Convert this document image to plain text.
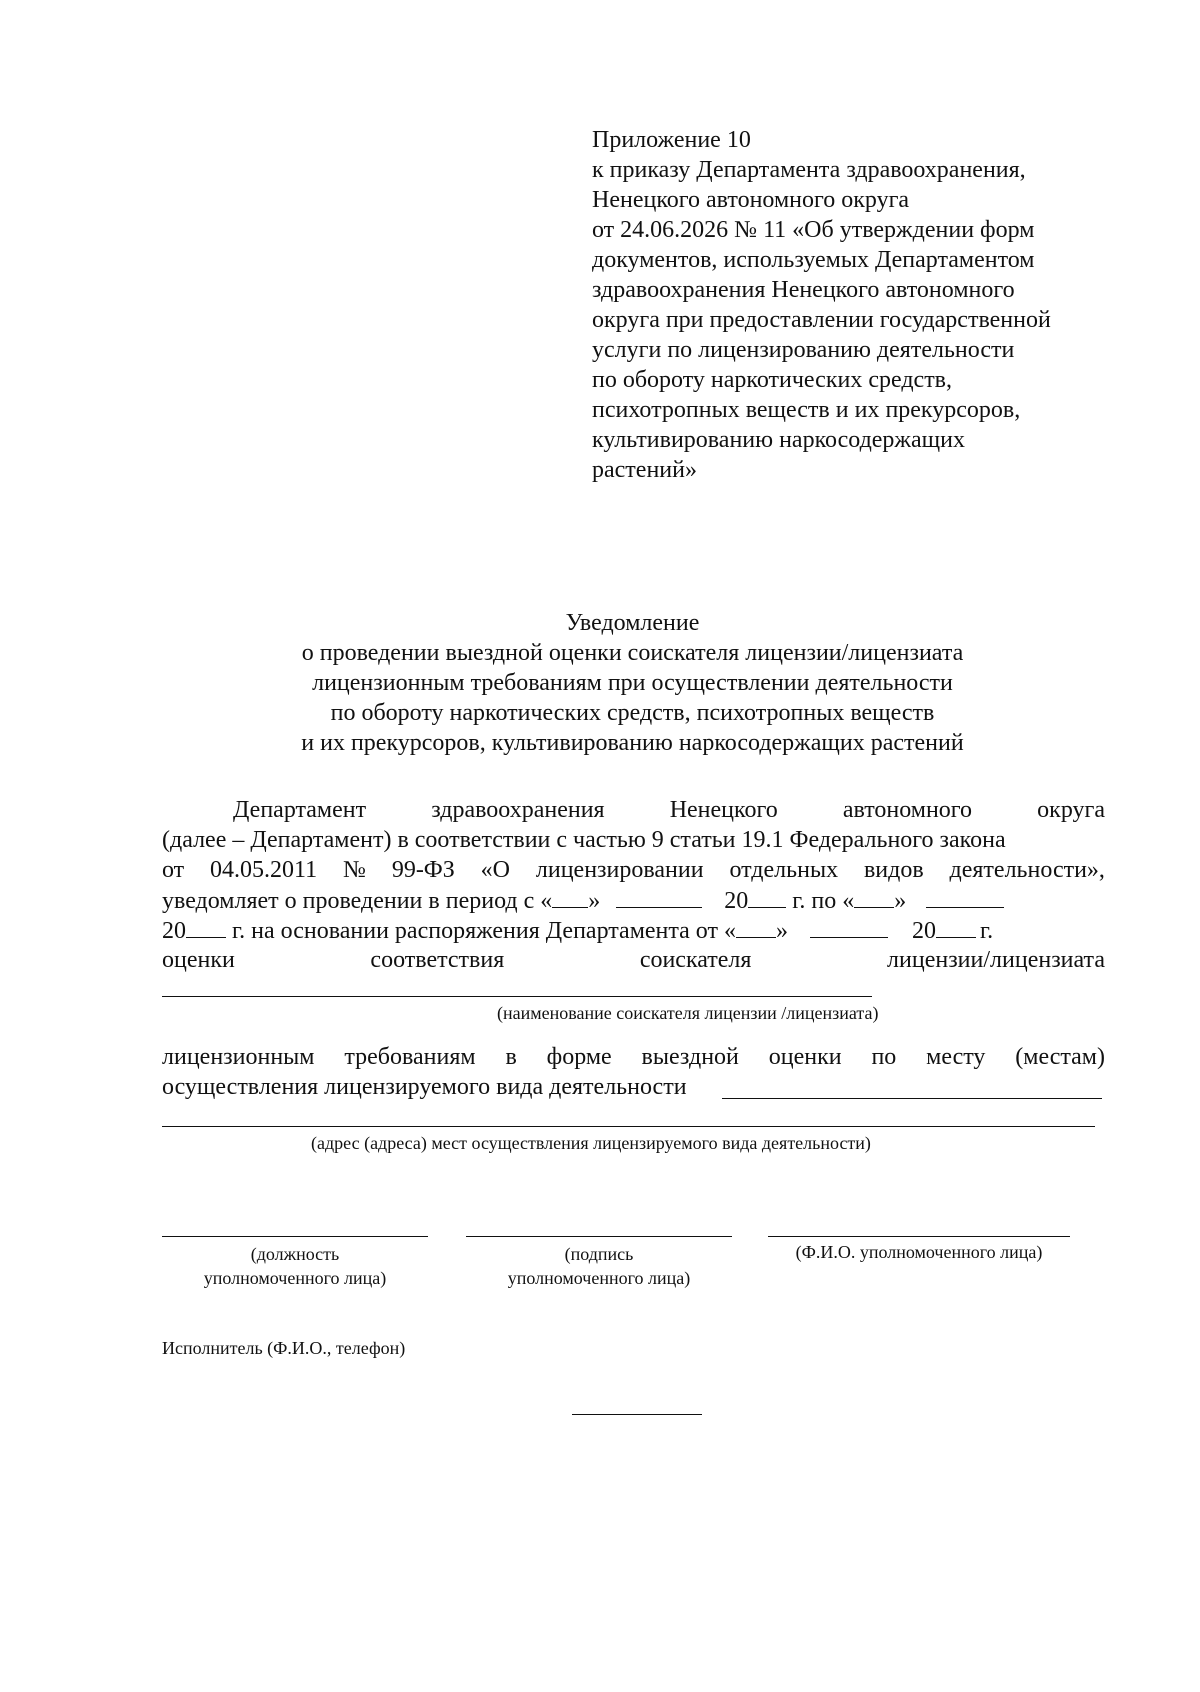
Приложение 10
к приказу Департамента здравоохранения,
Ненецкого автономного округа
от 24.06.2026 № 11 «Об утверждении форм
документов, используемых Департаментом
здравоохранения Ненецкого автономного
округа при предоставлении государственной
услуги по лицензированию деятельности
по обороту наркотических средств,
психотропных веществ и их прекурсоров,
культивированию наркосодержащих
растений»
Уведомление
о проведении выездной оценки соискателя лицензии/лицензиата
лицензионным требованиям при осуществлении деятельности
по обороту наркотических средств, психотропных веществ
и их прекурсоров, культивированию наркосодержащих растений
Департамент	здравоохранения	Ненецкого	автономного	округа
(далее – Департамент) в соответствии с частью 9 статьи 19.1 Федерального закона
от 04.05.2011 № 99-ФЗ «О лицензировании отдельных видов деятельности»,
уведомляет о проведении в период с « »	20 г. по « »
20 г. на основании распоряжения Департамента от « »	20 г.
оценки	соответствия	соискателя	лицензии/лицензиата
(наименование соискателя лицензии /лицензиата)
лицензионным требованиям в форме выездной оценки по месту (местам)
осуществления лицензируемого вида деятельности
(адрес (адреса) мест осуществления лицензируемого вида деятельности)
(должность
уполномоченного лица)
(подпись
уполномоченного лица)
(Ф.И.О. уполномоченного лица)
Исполнитель (Ф.И.О., телефон)
